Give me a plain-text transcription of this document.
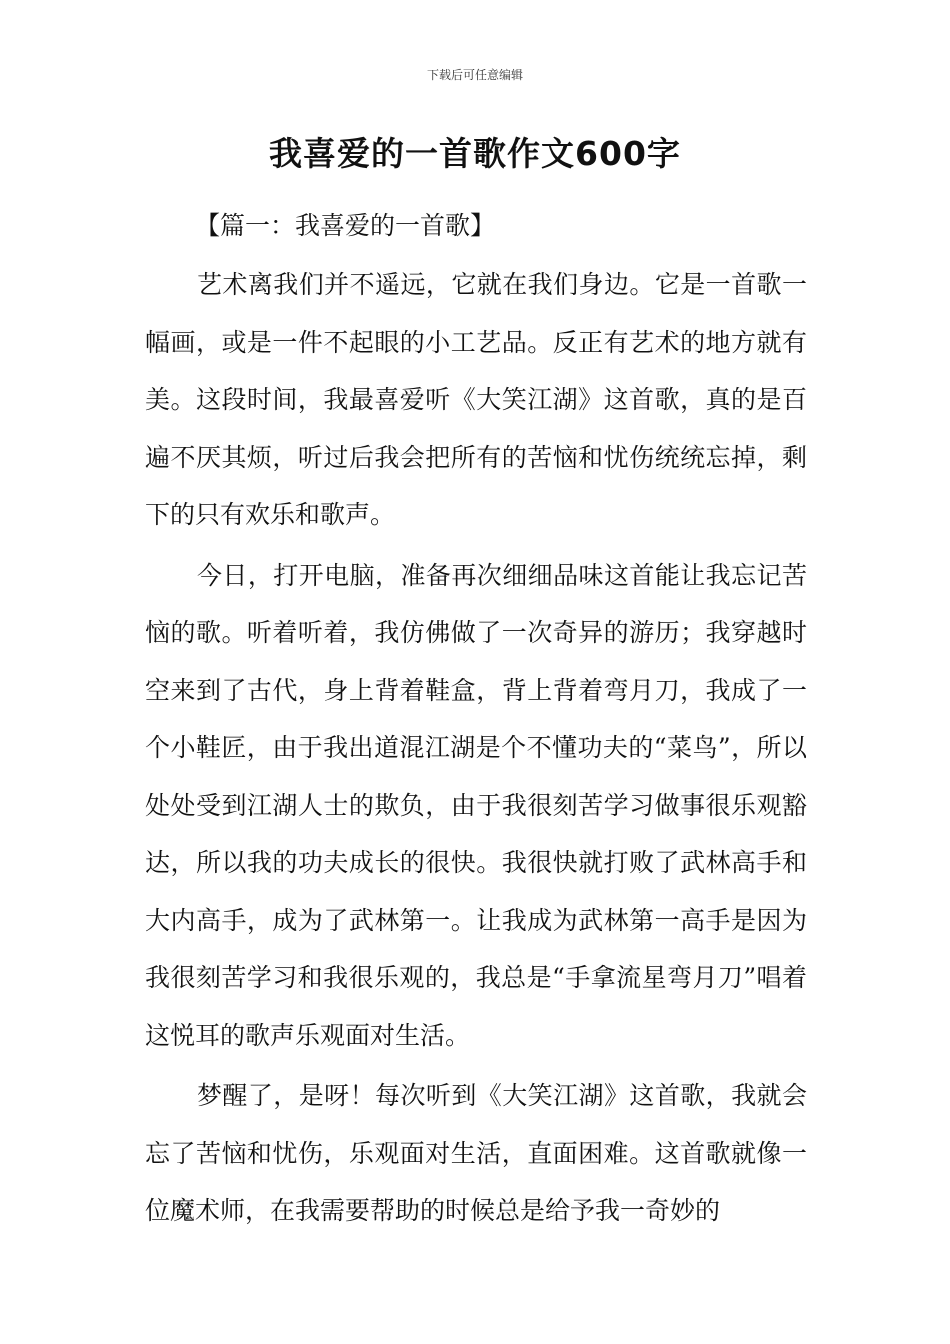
下载后可任意编辑
我喜爱的一首歌作文600字

【篇一：我喜爱的一首歌】

艺术离我们并不遥远，它就在我们身边。它是一首歌一幅画，或是一件不起眼的小工艺品。反正有艺术的地方就有美。这段时间，我最喜爱听《大笑江湖》这首歌，真的是百遍不厌其烦，听过后我会把所有的苦恼和忧伤统统忘掉，剩下的只有欢乐和歌声。

今日，打开电脑，准备再次细细品味这首能让我忘记苦恼的歌。听着听着，我仿佛做了一次奇异的游历；我穿越时空来到了古代，身上背着鞋盒，背上背着弯月刀，我成了一个小鞋匠，由于我出道混江湖是个不懂功夫的“菜鸟”，所以处处受到江湖人士的欺负，由于我很刻苦学习做事很乐观豁达，所以我的功夫成长的很快。我很快就打败了武林高手和大内高手，成为了武林第一。让我成为武林第一高手是因为我很刻苦学习和我很乐观的，我总是“手拿流星弯月刀”唱着这悦耳的歌声乐观面对生活。

梦醒了，是呀！每次听到《大笑江湖》这首歌，我就会忘了苦恼和忧伤，乐观面对生活，直面困难。这首歌就像一位魔术师，在我需要帮助的时候总是给予我一奇妙的
